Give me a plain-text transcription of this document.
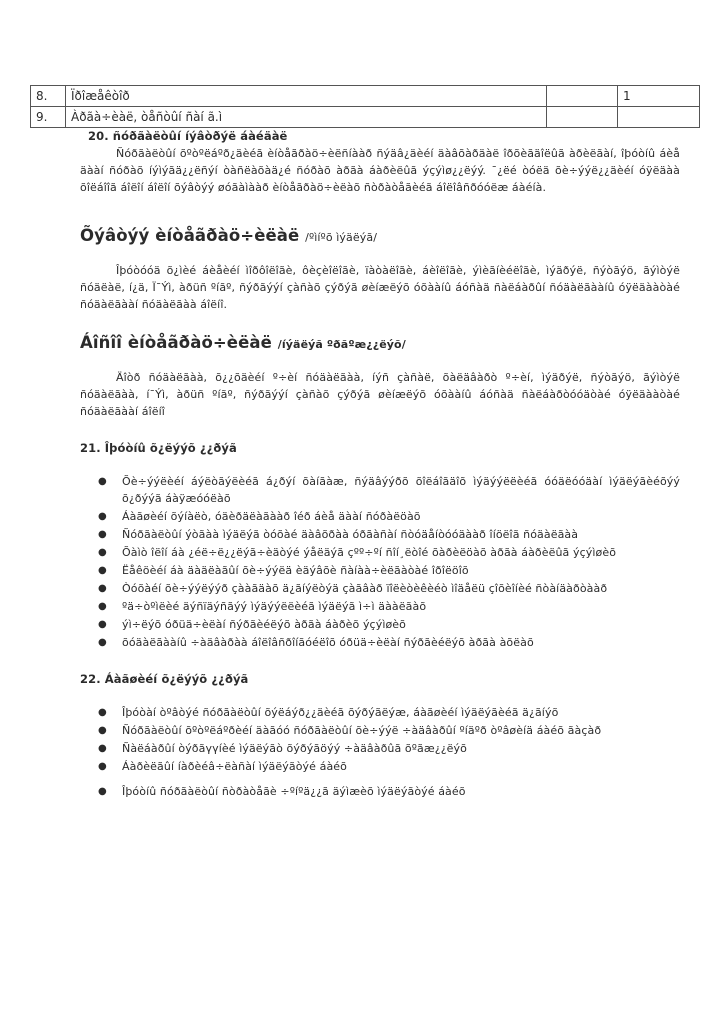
8.	Ïðîæåêòîð		1
9.	Àðãà÷èàë, òåñòûí ñàí ã.ì		
20. ñóðãàëòûí íýâòðýë áàéäàë

Ñóðãàëòûí õºòºëáºð¿äèéã èíòåãðàö÷èëñíààð ñýäâ¿äèéí äàâõàðäàë îðõèãäîëûã àðèëãàí, îþóòíû áèå äààí ñóðàõ íýìýãä¿¿ëñýí òàñëàõàä¿é ñóðàõ àðãà áàðèëûã ýçýìø¿¿ëýý. ¯¿ëé òóëä õè÷ýýë¿¿äèéí óÿëäàà õîëáîîã áîëîí áîëîí õýâòýý øóãàìààð èíòåãðàö÷èëàõ ñòðàòåãèéã áîëîâñðóóëæ áàéíà.

Õýâòýý èíòåãðàö÷èëàë /ºìíºõ ìýäëýã/

Îþóòóóä õ¿ìèé áèåèéí ìîðôîëîãè, ôèçèîëîãè, ïàòàëîãè, áèîëîãè, ýìèãíèéëîãè, ìýäðýë, ñýòãýö, ãýìòýë ñóäëàë, í¿ä, Ï¯Ýì, àðüñ ºíãº, ñýðãýýí çàñàõ çýðýã øèíæëýõ óõààíû áóñàä ñàëáàðûí ñóäàëãààíû óÿëäààòàé ñóäàëãààí ñóäàëãàà áîëíî.

Áîñîî èíòåãðàö÷èëàë /íýäëýã ºðãºæ¿¿ëýõ/

Äîòð ñóäàëãàà, õ¿¿õäèéí º÷èí ñóäàëãàà, íýñ çàñàë, õàëäâàðò º÷èí, ìýäðýë, ñýòãýö, ãýìòýë ñóäàëãàà, í¯Ýì, àðüñ ºíãº, ñýðãýýí çàñàõ çýðýã øèíæëýõ óõààíû áóñàä ñàëáàðòóóäòàé óÿëäààòàé ñóäàëãààí áîëíî

21. Îþóòíû õ¿ëýýõ ¿¿ðýã
● Õè÷ýýëèéí áýëòãýëèéã á¿ðýí õàíãàæ, ñýäâýýðõ õîëáîãäîõ ìýäýýëëèéã óóäëóóäàí ìýäëýãèéõýý õ¿ðýýã áàÿæóóëàõ
● Áàãøèéí õýíàëò, óäèðäëàãààð îéð áèå äààí ñóðàëöàõ
● Ñóðãàëòûí ýòãàà ìýäëýã òóõàé äàâõðàà óðãàñàí ñòóäåíòóóäààð îíöëîã ñóäàëãàà
● Õàìò îëîí áà ¿éë÷ë¿¿ëýã÷èäòýé ýåëäýã çºº÷ºí ñîí¸ëòîé õàðèëöàõ àðãà áàðèëûã ýçýìøèõ
● Ëåêöèéí áà äàäëàãûí õè÷ýýëä èäýâõè ñàíàà÷èëãàòàé îðîëöîõ
● Òóõàéí õè÷ýýëýýð çààãäàõ ä¿ãíýëòýä çàãâàð ïîëèòèêèéò ìîäåëü çîõèîíèé ñòàíäàðòààð
● ºä÷òºìëèé äýñïäýñãýý ìýäýýëëèéã ìýäëýã ì÷ì äààëãàõ
● ýì÷ëýõ óðüä÷èëàí ñýðãèéëýõ àðãà áàðèõ ýçýìøèõ
● õóäàëãààíû ÷àäâàðàà áîëîâñðîíãóéëîõ óðüä÷èëàí ñýðãèéëýõ àðãà àõëàõ
22. Áàãøèéí õ¿ëýýõ ¿¿ðýã
● Îþóòàí òºâòýé ñóðãàëòûí õýëáýð¿¿äèéã õýðýãëýæ, áàãøèéí ìýäëýãèéã ä¿ãíýõ
● Ñóðãàëòûí õºòºëáºðèéí äàãóó ñóðãàëòûí õè÷ýýë ÷àäâàðûí ºíäºð òºâøèíä áàéõ ãàçàð
● Ñàëáàðûí òýðãүүíèé ìýäëýãò õýðýãöýý ÷àäâàðûã õºãæ¿¿ëýõ
● Áàðèëãûí íàðèéâ÷ëàñàí ìýäëýãòýé áàéõ
● Îþóòíû ñóðãàëòûí ñòðàòåãè ÷ºíºä¿¿ã äýìæèõ ìýäëýãòýé áàéõ
